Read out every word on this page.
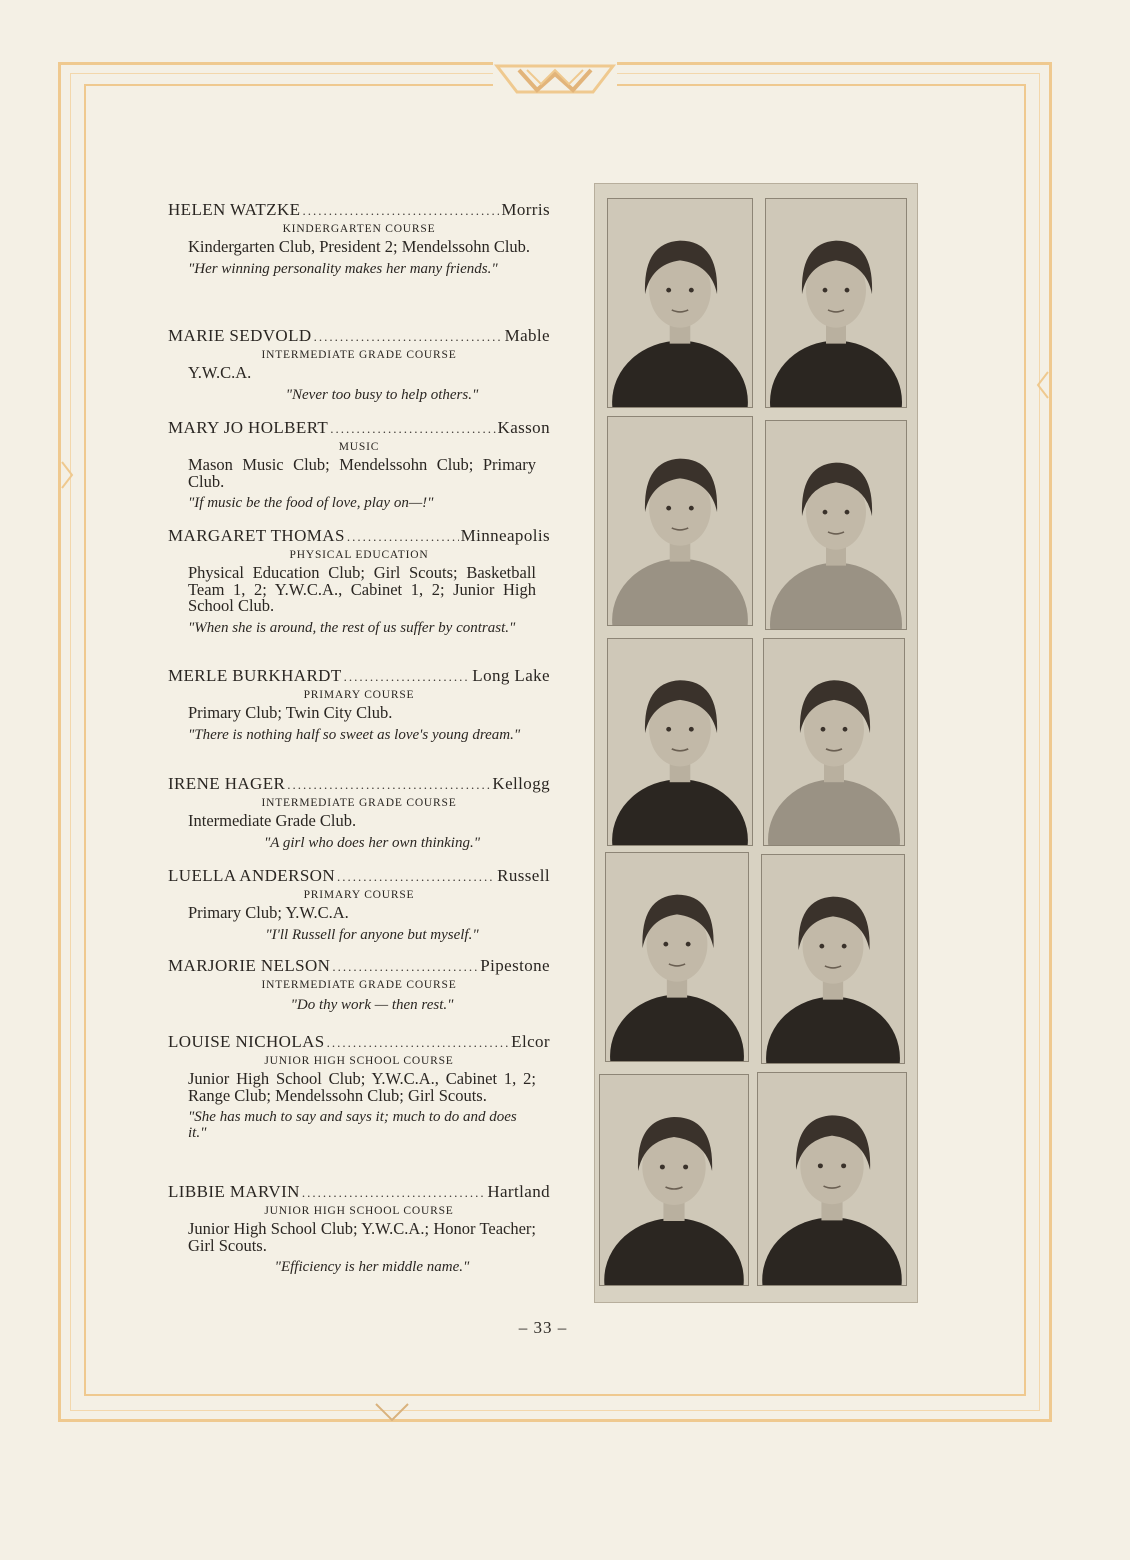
HELEN WATZKE .....	Morris
KINDERGARTEN COURSE
Kindergarten Club, President 2; Mendelssohn Club.
"Her winning personality makes her many friends."
MARIE SEDVOLD .....	Mable
INTERMEDIATE GRADE COURSE
Y.W.C.A.
"Never too busy to help others."
MARY JO HOLBERT .....	Kasson
MUSIC
Mason Music Club; Mendelssohn Club; Primary Club.
"If music be the food of love, play on—!"
MARGARET THOMAS .....	Minneapolis
PHYSICAL EDUCATION
Physical Education Club; Girl Scouts; Basketball Team 1, 2; Y.W.C.A., Cabinet 1, 2; Junior High School Club.
"When she is around, the rest of us suffer by contrast."
MERLE BURKHARDT .....	Long Lake
PRIMARY COURSE
Primary Club; Twin City Club.
"There is nothing half so sweet as love's young dream."
IRENE HAGER .....	Kellogg
INTERMEDIATE GRADE COURSE
Intermediate Grade Club.
"A girl who does her own thinking."
LUELLA ANDERSON .....	Russell
PRIMARY COURSE
Primary Club; Y.W.C.A.
"I'll Russell for anyone but myself."
MARJORIE NELSON .....	Pipestone
INTERMEDIATE GRADE COURSE
"Do thy work — then rest."
LOUISE NICHOLAS .....	Elcor
JUNIOR HIGH SCHOOL COURSE
Junior High School Club; Y.W.C.A., Cabinet 1, 2; Range Club; Mendelssohn Club; Girl Scouts.
"She has much to say and says it; much to do and does it."
LIBBIE MARVIN .....	Hartland
JUNIOR HIGH SCHOOL COURSE
Junior High School Club; Y.W.C.A.; Honor Teacher; Girl Scouts.
"Efficiency is her middle name."
– 33 –
